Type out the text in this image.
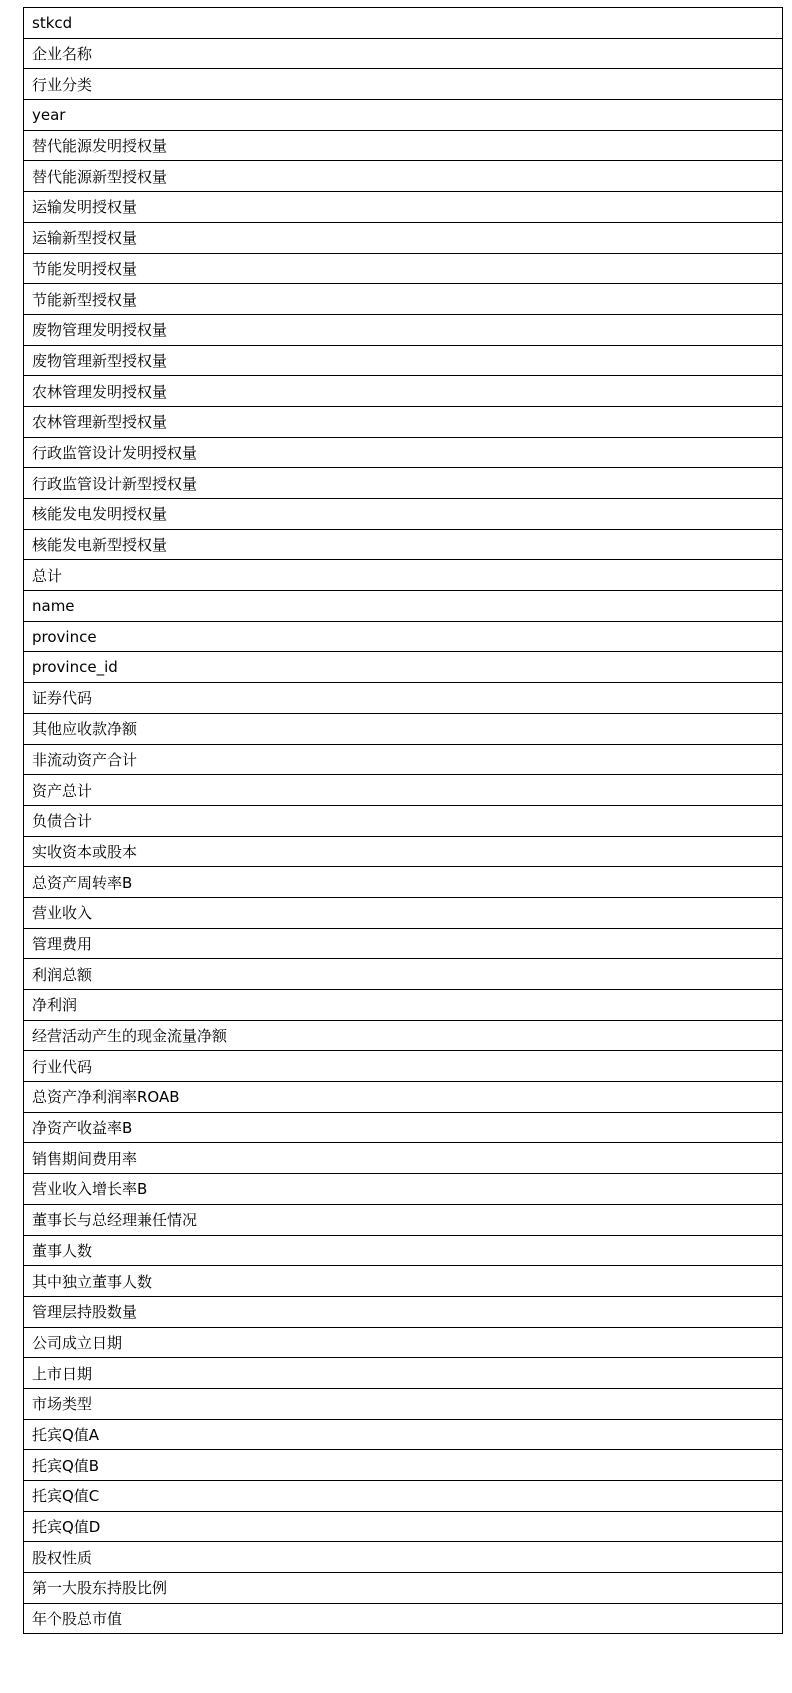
stkcd
企业名称
行业分类
year
替代能源发明授权量
替代能源新型授权量
运输发明授权量
运输新型授权量
节能发明授权量
节能新型授权量
废物管理发明授权量
废物管理新型授权量
农林管理发明授权量
农林管理新型授权量
行政监管设计发明授权量
行政监管设计新型授权量
核能发电发明授权量
核能发电新型授权量
总计
name
province
province_id
证券代码
其他应收款净额
非流动资产合计
资产总计
负债合计
实收资本或股本
总资产周转率B
营业收入
管理费用
利润总额
净利润
经营活动产生的现金流量净额
行业代码
总资产净利润率ROAB
净资产收益率B
销售期间费用率
营业收入增长率B
董事长与总经理兼任情况
董事人数
其中独立董事人数
管理层持股数量
公司成立日期
上市日期
市场类型
托宾Q值A
托宾Q值B
托宾Q值C
托宾Q值D
股权性质
第一大股东持股比例
年个股总市值
